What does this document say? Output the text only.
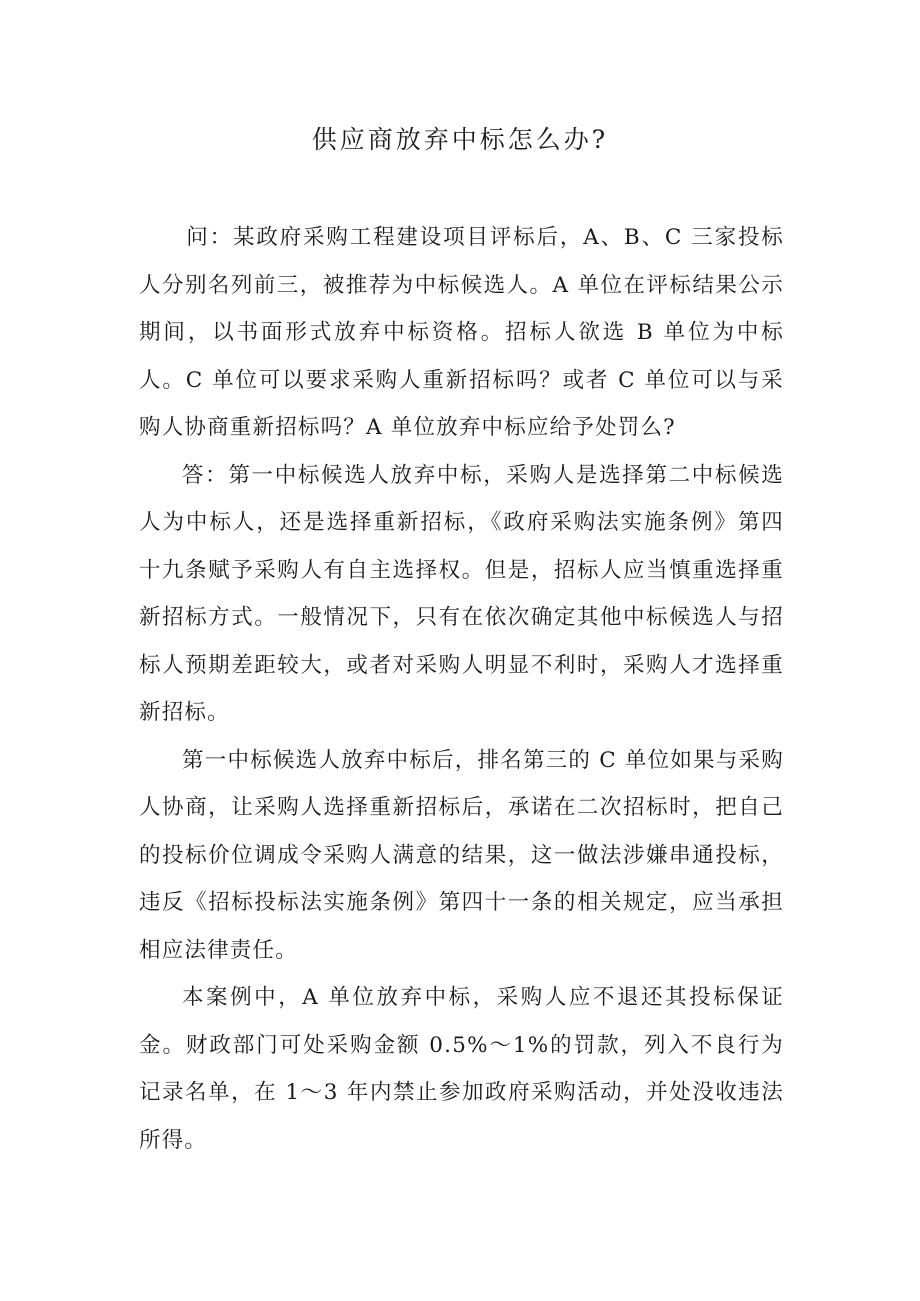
供应商放弃中标怎么办?

问：某政府采购工程建设项目评标后，A、B、C 三家投标人分别名列前三，被推荐为中标候选人。A 单位在评标结果公示期间，以书面形式放弃中标资格。招标人欲选 B 单位为中标人。C 单位可以要求采购人重新招标吗？或者 C 单位可以与采购人协商重新招标吗？A 单位放弃中标应给予处罚么?

答：第一中标候选人放弃中标，采购人是选择第二中标候选人为中标人，还是选择重新招标，《政府采购法实施条例》第四十九条赋予采购人有自主选择权。但是，招标人应当慎重选择重新招标方式。一般情况下，只有在依次确定其他中标候选人与招标人预期差距较大，或者对采购人明显不利时，采购人才选择重新招标。

第一中标候选人放弃中标后，排名第三的 C 单位如果与采购人协商，让采购人选择重新招标后，承诺在二次招标时，把自己的投标价位调成令采购人满意的结果，这一做法涉嫌串通投标，违反《招标投标法实施条例》第四十一条的相关规定，应当承担相应法律责任。

本案例中，A 单位放弃中标，采购人应不退还其投标保证金。财政部门可处采购金额 0.5%～1%的罚款，列入不良行为记录名单，在 1～3 年内禁止参加政府采购活动，并处没收违法所得。
